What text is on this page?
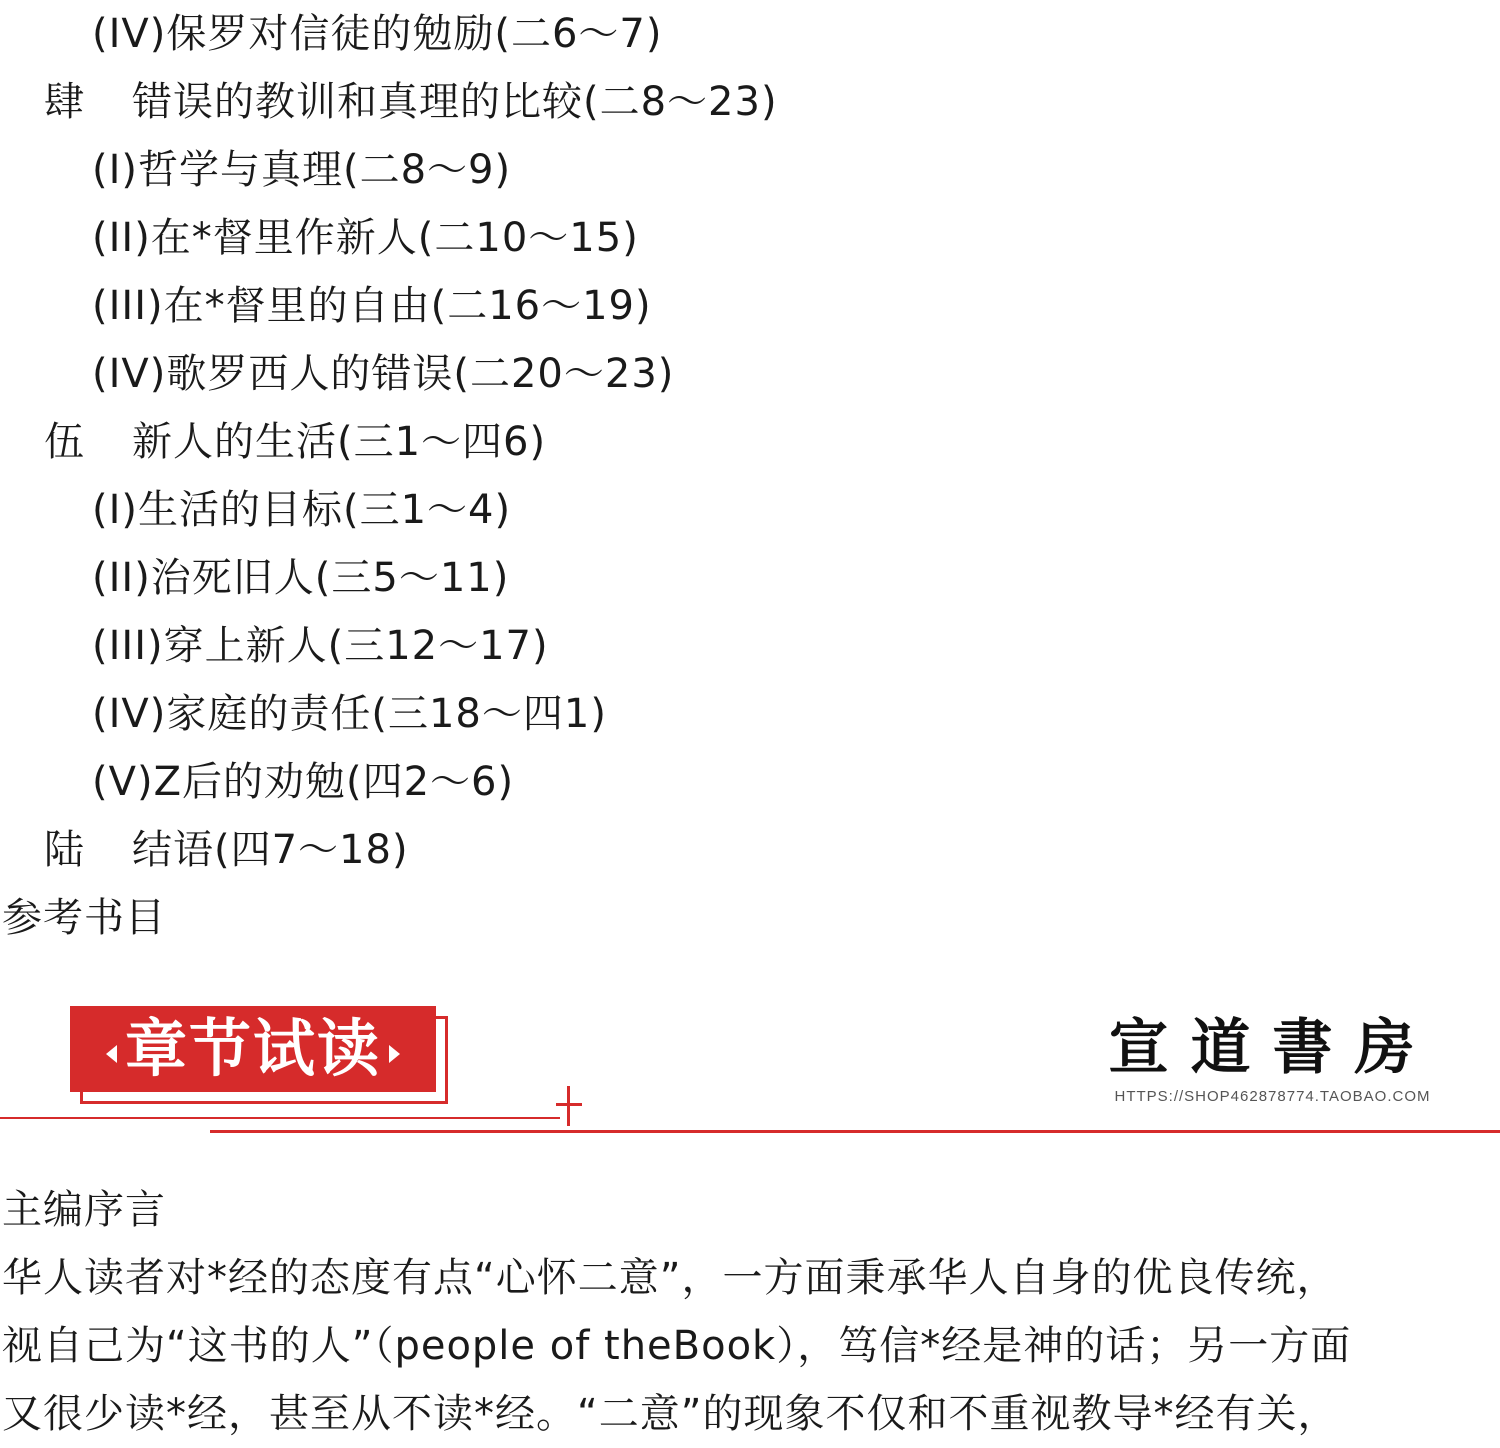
(IV)保罗对信徒的勉励(二6～7)
肆 错误的教训和真理的比较(二8～23)
(I)哲学与真理(二8～9)
(II)在*督里作新人(二10～15)
(III)在*督里的自由(二16～19)
(IV)歌罗西人的错误(二20～23)
伍 新人的生活(三1～四6)
(I)生活的目标(三1～4)
(II)治死旧人(三5～11)
(III)穿上新人(三12～17)
(IV)家庭的责任(三18～四1)
(V)Z后的劝勉(四2～6)
陆 结语(四7～18)
参考书目
章节试读	宣道書房
HTTPS://SHOP462878774.TAOBAO.COM

主编序言

华人读者对*经的态度有点“心怀二意”，一方面秉承华人自身的优良传统，

视自己为“这书的人”（people of theBook），笃信*经是神的话；另一方面

又很少读*经，甚至从不读*经。“二意”的现象不仅和不重视教导*经有关，
